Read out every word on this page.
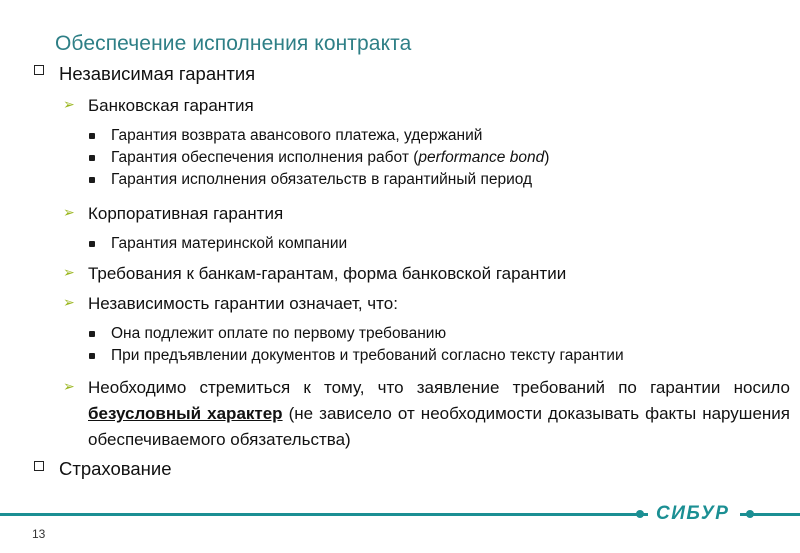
Обеспечение исполнения контракта
Независимая гарантия
➢ Банковская гарантия
Гарантия возврата авансового платежа, удержаний
Гарантия обеспечения исполнения работ (performance bond)
Гарантия исполнения обязательств в гарантийный период
➢ Корпоративная гарантия
Гарантия материнской компании
➢ Требования к банкам-гарантам, форма банковской гарантии
➢ Независимость гарантии означает, что:
Она подлежит оплате по первому требованию
При предъявлении документов и требований согласно тексту гарантии
➢ Необходимо стремиться к тому, что заявление требований по гарантии носило безусловный характер (не зависело от необходимости доказывать факты нарушения обеспечиваемого обязательства)
Страхование
СИБУР
13
